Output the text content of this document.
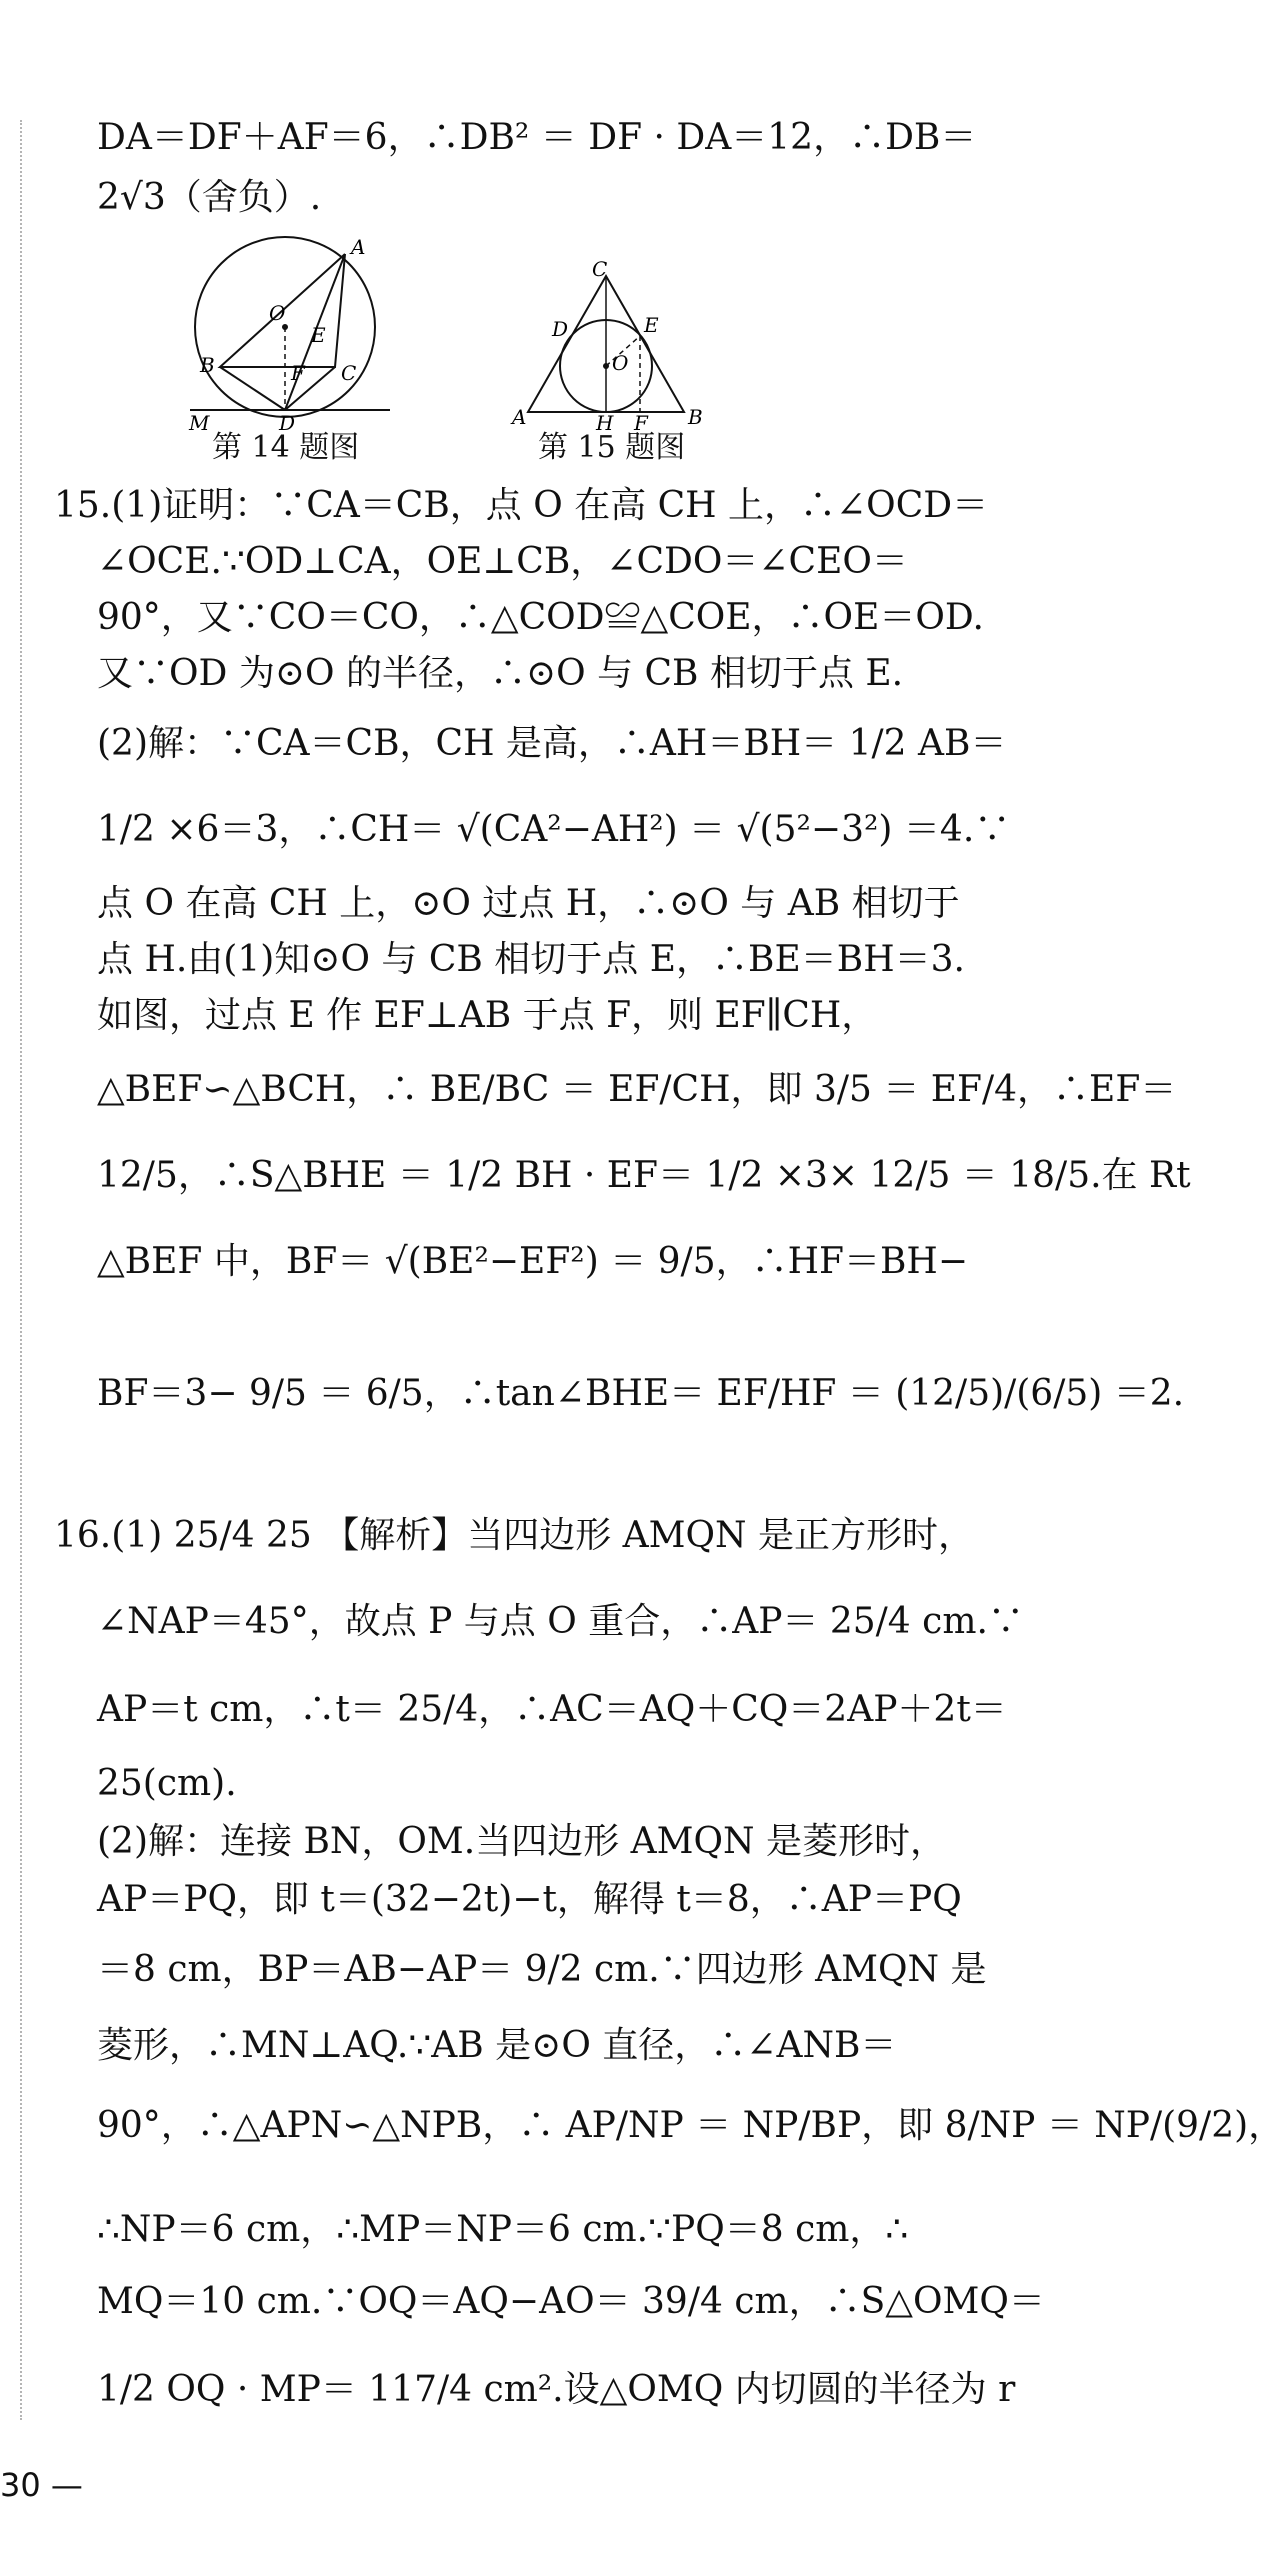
DA＝DF＋AF＝6，∴DB² ＝ DF · DA＝12，∴DB＝
2√3（舍负）.
A
O
E
B	C
F
D
M
第 14 题图
C
D	E
O
A	H F B
第 15 题图
15.(1)证明：∵CA＝CB，点 O 在高 CH 上，∴∠OCD＝
∠OCE.∵OD⊥CA，OE⊥CB，∠CDO＝∠CEO＝
90°，又∵CO＝CO，∴△COD≌△COE，∴OE＝OD.
又∵OD 为⊙O 的半径，∴⊙O 与 CB 相切于点 E.
(2)解：∵CA＝CB，CH 是高，∴AH＝BH＝ 1/2 AB＝
1/2 ×6＝3，∴CH＝ √(CA²−AH²) ＝ √(5²−3²) ＝4.∵
点 O 在高 CH 上，⊙O 过点 H，∴⊙O 与 AB 相切于
点 H.由(1)知⊙O 与 CB 相切于点 E，∴BE＝BH＝3.
如图，过点 E 作 EF⊥AB 于点 F，则 EF∥CH，
△BEF∽△BCH，∴ BE/BC ＝ EF/CH，即 3/5 ＝ EF/4，∴EF＝
12/5，∴S△BHE ＝ 1/2 BH · EF＝ 1/2 ×3× 12/5 ＝ 18/5.在 Rt
△BEF 中，BF＝ √(BE²−EF²) ＝ 9/5，∴HF＝BH−
BF＝3− 9/5 ＝ 6/5，∴tan∠BHE＝ EF/HF ＝ (12/5)/(6/5) ＝2.
16.(1) 25/4 25 【解析】当四边形 AMQN 是正方形时，
∠NAP＝45°，故点 P 与点 O 重合，∴AP＝ 25/4 cm.∵
AP＝t cm，∴t＝ 25/4，∴AC＝AQ＋CQ＝2AP＋2t＝
25(cm).
(2)解：连接 BN，OM.当四边形 AMQN 是菱形时，
AP＝PQ，即 t＝(32−2t)−t，解得 t＝8，∴AP＝PQ
＝8 cm，BP＝AB−AP＝ 9/2 cm.∵四边形 AMQN 是
菱形，∴MN⊥AQ.∵AB 是⊙O 直径，∴∠ANB＝
90°，∴△APN∽△NPB，∴ AP/NP ＝ NP/BP，即 8/NP ＝ NP/(9/2)，
∴NP＝6 cm，∴MP＝NP＝6 cm.∵PQ＝8 cm，∴
MQ＝10 cm.∵OQ＝AQ−AO＝ 39/4 cm，∴S△OMQ＝
1/2 OQ · MP＝ 117/4 cm².设△OMQ 内切圆的半径为 r
30 —
